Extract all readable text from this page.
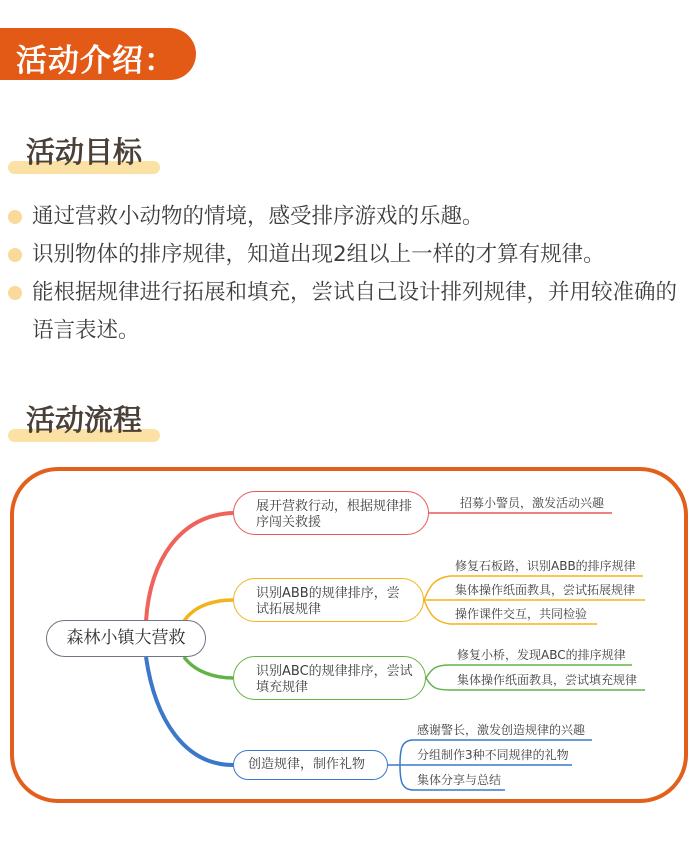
活动介绍：
活动目标
通过营救小动物的情境，感受排序游戏的乐趣。
识别物体的排序规律，知道出现2组以上一样的才算有规律。
能根据规律进行拓展和填充，尝试自己设计排列规律，并用较准确的语言表述。
活动流程
森林小镇大营救
展开营救行动，根据规律排序闯关救援
识别ABB的规律排序，尝试拓展规律
识别ABC的规律排序，尝试填充规律
创造规律，制作礼物
招募小警员，激发活动兴趣
修复石板路，识别ABB的排序规律
集体操作纸面教具，尝试拓展规律
操作课件交互，共同检验
修复小桥，发现ABC的排序规律
集体操作纸面教具，尝试填充规律
感谢警长，激发创造规律的兴趣
分组制作3种不同规律的礼物
集体分享与总结
